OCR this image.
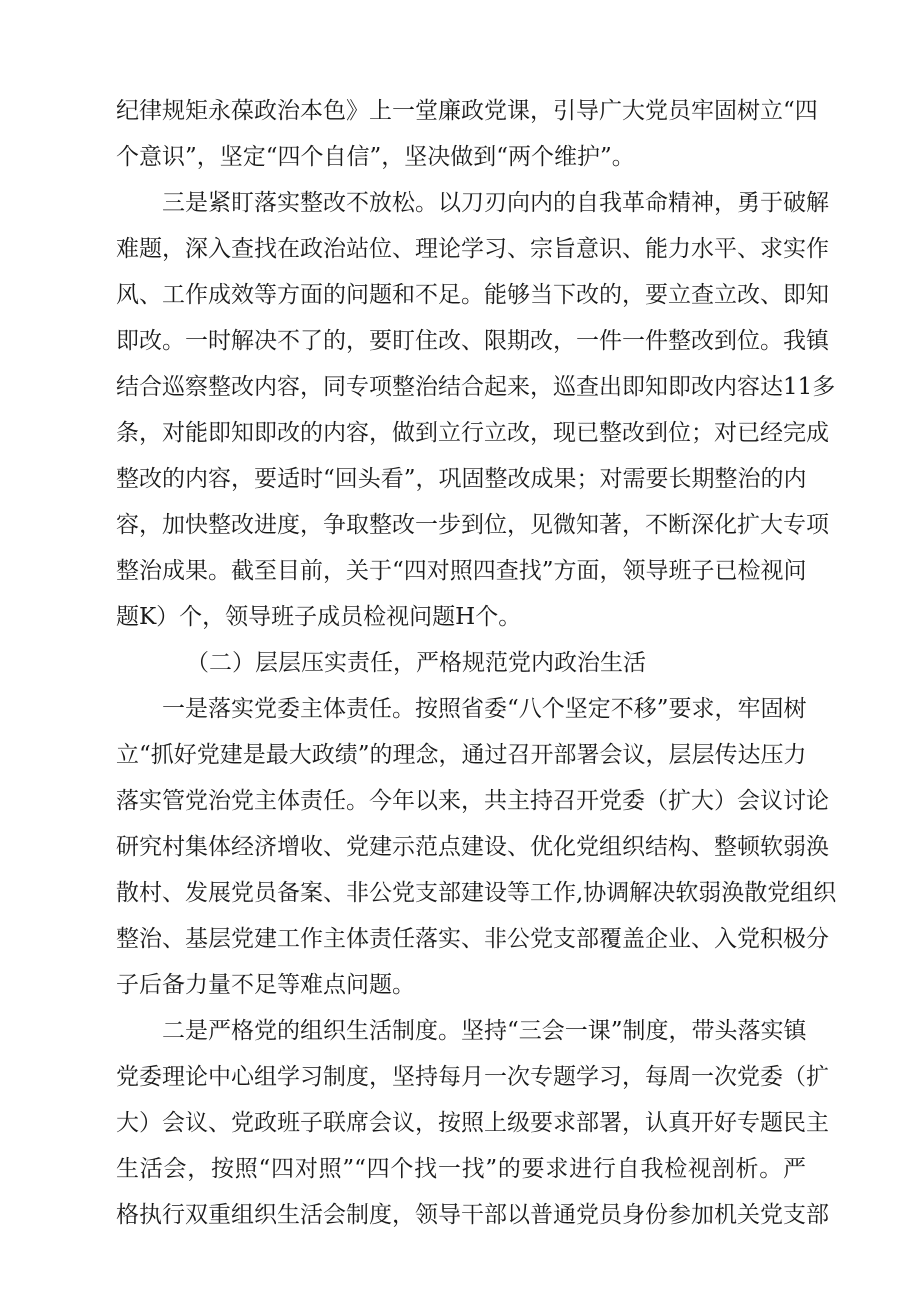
纪律规矩永葆政治本色》上一堂廉政党课，引导广大党员牢固树立“四
个意识”，坚定“四个自信”，坚决做到“两个维护”。
三是紧盯落实整改不放松。以刀刃向内的自我革命精神，勇于破解
难题，深入查找在政治站位、理论学习、宗旨意识、能力水平、求实作
风、工作成效等方面的问题和不足。能够当下改的，要立查立改、即知
即改。一时解决不了的，要盯住改、限期改，一件一件整改到位。我镇
结合巡察整改内容，同专项整治结合起来，巡查出即知即改内容达11多
条，对能即知即改的内容，做到立行立改，现已整改到位；对已经完成
整改的内容，要适时“回头看”，巩固整改成果；对需要长期整治的内
容，加快整改进度，争取整改一步到位，见微知著，不断深化扩大专项
整治成果。截至目前，关于“四对照四查找”方面，领导班子已检视问
题K）个，领导班子成员检视问题H个。
（二）层层压实责任，严格规范党内政治生活
一是落实党委主体责任。按照省委“八个坚定不移”要求，牢固树
立“抓好党建是最大政绩”的理念，通过召开部署会议，层层传达压力
落实管党治党主体责任。今年以来，共主持召开党委（扩大）会议讨论
研究村集体经济增收、党建示范点建设、优化党组织结构、整顿软弱涣
散村、发展党员备案、非公党支部建设等工作,协调解决软弱涣散党组织
整治、基层党建工作主体责任落实、非公党支部覆盖企业、入党积极分
子后备力量不足等难点问题。
二是严格党的组织生活制度。坚持“三会一课”制度，带头落实镇
党委理论中心组学习制度，坚持每月一次专题学习，每周一次党委（扩
大）会议、党政班子联席会议，按照上级要求部署，认真开好专题民主
生活会，按照“四对照”“四个找一找”的要求进行自我检视剖析。严
格执行双重组织生活会制度，领导干部以普通党员身份参加机关党支部
